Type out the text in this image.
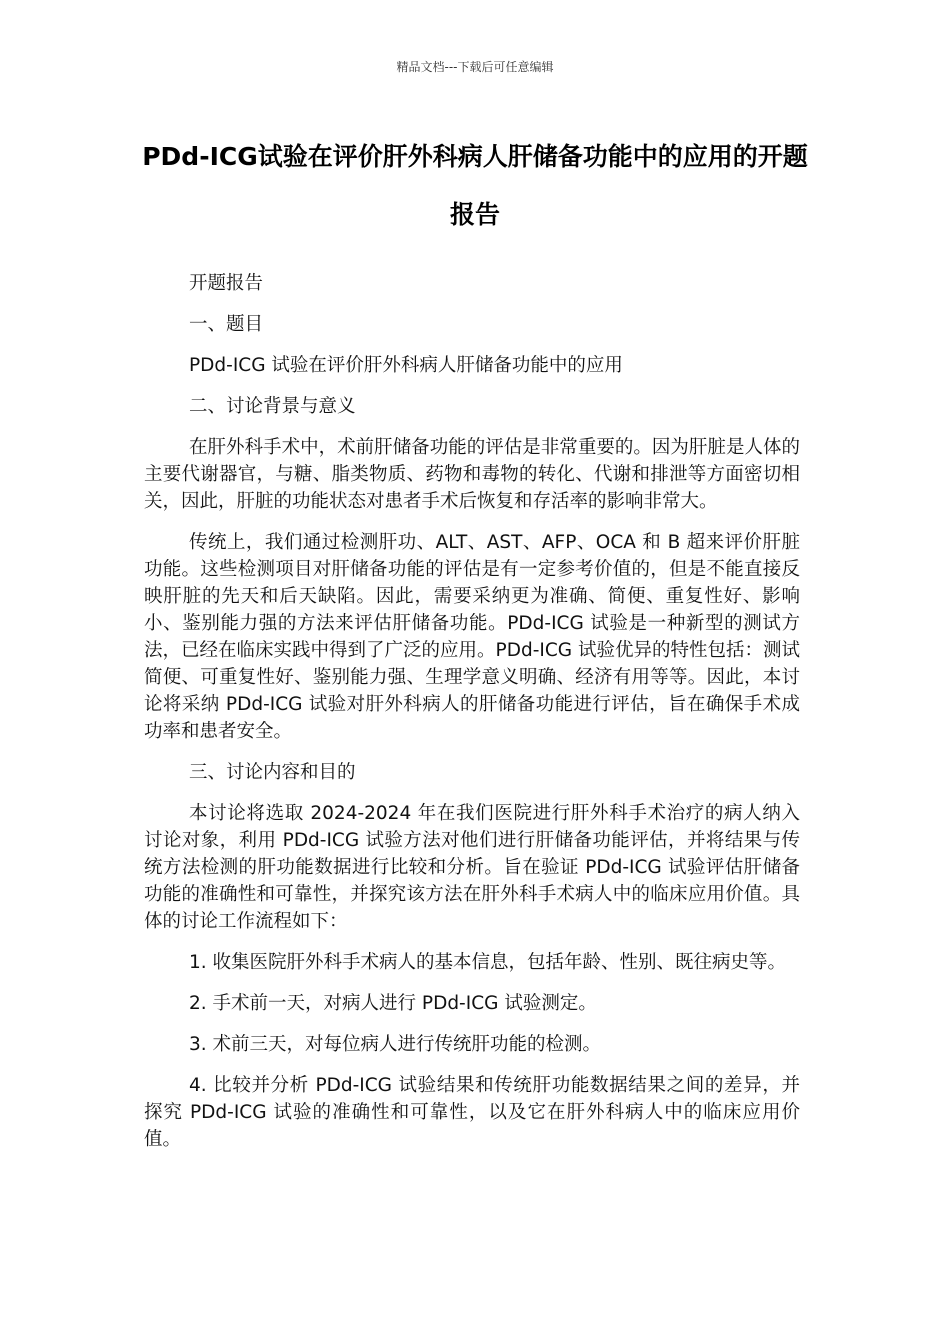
精品文档---下载后可任意编辑
PDd-ICG试验在评价肝外科病人肝储备功能中的应用的开题报告

开题报告

一、题目

PDd-ICG 试验在评价肝外科病人肝储备功能中的应用

二、讨论背景与意义

在肝外科手术中，术前肝储备功能的评估是非常重要的。因为肝脏是人体的主要代谢器官，与糖、脂类物质、药物和毒物的转化、代谢和排泄等方面密切相关，因此，肝脏的功能状态对患者手术后恢复和存活率的影响非常大。

传统上，我们通过检测肝功、ALT、AST、AFP、OCA 和 B 超来评价肝脏功能。这些检测项目对肝储备功能的评估是有一定参考价值的，但是不能直接反映肝脏的先天和后天缺陷。因此，需要采纳更为准确、简便、重复性好、影响小、鉴别能力强的方法来评估肝储备功能。PDd-ICG 试验是一种新型的测试方法，已经在临床实践中得到了广泛的应用。PDd-ICG 试验优异的特性包括：测试简便、可重复性好、鉴别能力强、生理学意义明确、经济有用等等。因此，本讨论将采纳 PDd-ICG 试验对肝外科病人的肝储备功能进行评估，旨在确保手术成功率和患者安全。

三、讨论内容和目的

本讨论将选取 2024-2024 年在我们医院进行肝外科手术治疗的病人纳入讨论对象，利用 PDd-ICG 试验方法对他们进行肝储备功能评估，并将结果与传统方法检测的肝功能数据进行比较和分析。旨在验证 PDd-ICG 试验评估肝储备功能的准确性和可靠性，并探究该方法在肝外科手术病人中的临床应用价值。具体的讨论工作流程如下：

1. 收集医院肝外科手术病人的基本信息，包括年龄、性别、既往病史等。

2. 手术前一天，对病人进行 PDd-ICG 试验测定。

3. 术前三天，对每位病人进行传统肝功能的检测。

4. 比较并分析 PDd-ICG 试验结果和传统肝功能数据结果之间的差异，并探究 PDd-ICG 试验的准确性和可靠性，以及它在肝外科病人中的临床应用价值。
